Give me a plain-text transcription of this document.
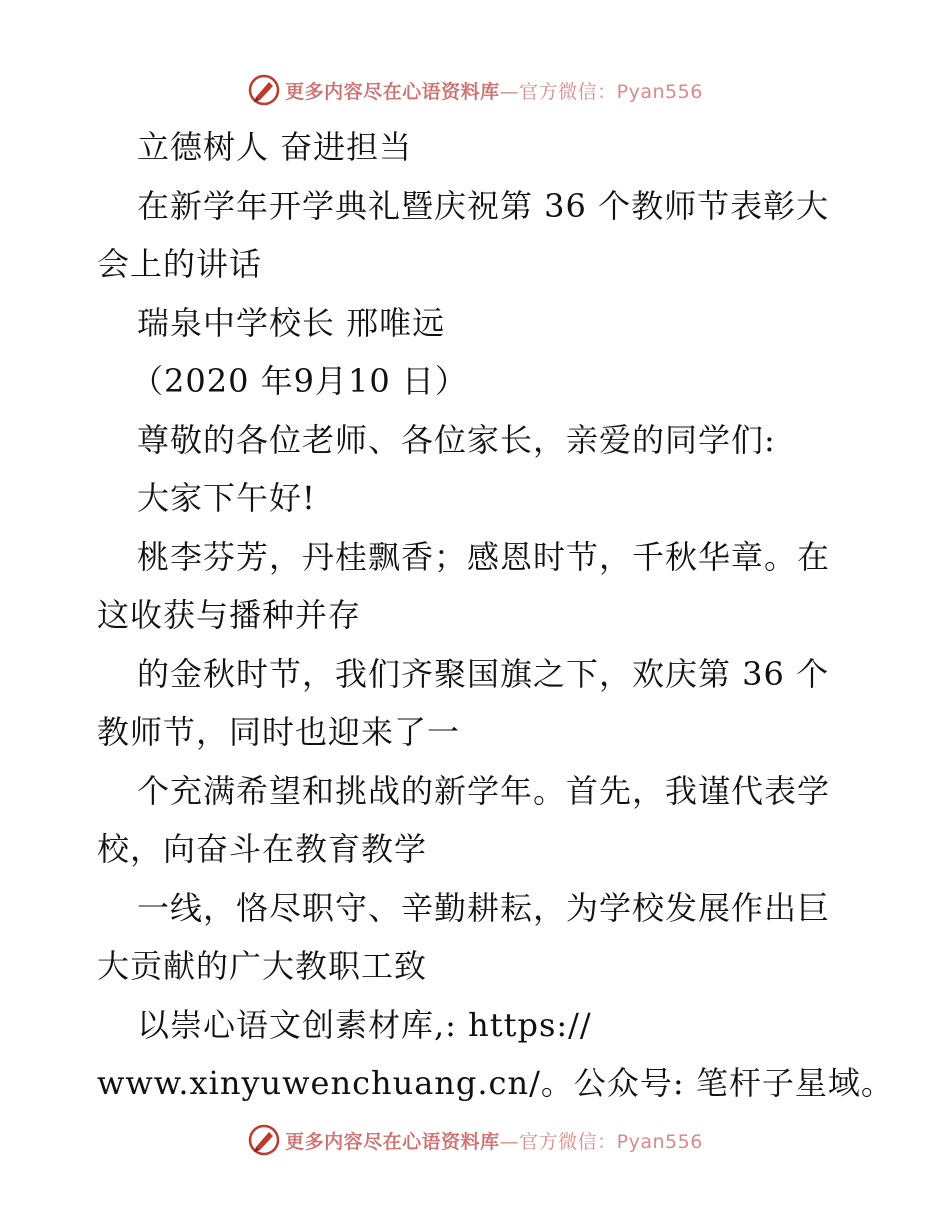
更多内容尽在心语资料库—官方微信：Pyan556
立德树人 奋进担当
在新学年开学典礼暨庆祝第 36 个教师节表彰大
会上的讲话
瑞泉中学校长 邢唯远
（2020 年9月10 日）
尊敬的各位老师、各位家长，亲爱的同学们:
大家下午好!
桃李芬芳，丹桂飘香；感恩时节，千秋华章。在
这收获与播种并存
的金秋时节，我们齐聚国旗之下，欢庆第 36 个
教师节，同时也迎来了一
个充满希望和挑战的新学年。首先，我谨代表学
校，向奋斗在教育教学
一线，恪尽职守、辛勤耕耘，为学校发展作出巨
大贡献的广大教职工致
以崇心语文创素材库,: https://
www.xinyuwenchuang.cn/。公众号: 笔杆子星域。
更多内容尽在心语资料库—官方微信：Pyan556
